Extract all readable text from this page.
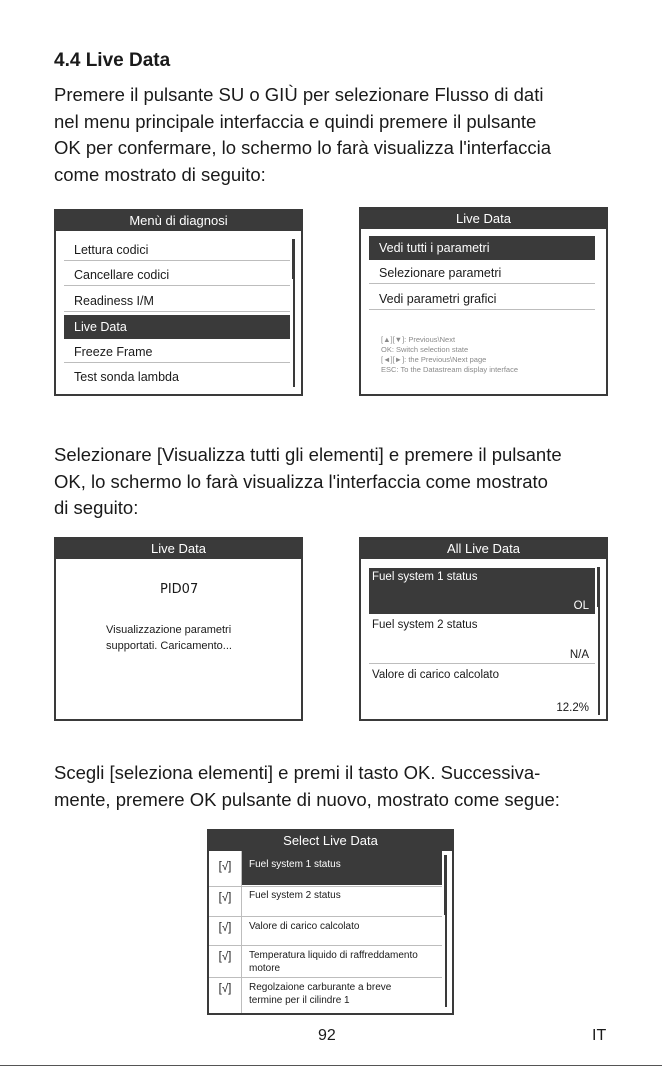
4.4 Live Data
Premere il pulsante SU o GIÙ per selezionare Flusso di dati
nel menu principale interfaccia e quindi premere il pulsante
OK per confermare, lo schermo lo farà visualizza l'interfaccia
come mostrato di seguito:
Menù di diagnosi
Lettura codici
Cancellare codici
Readiness I/M
Live Data
Freeze Frame
Test sonda lambda
Live Data
Vedi tutti i parametri
Selezionare parametri
Vedi parametri grafici
[▲][▼]: Previous\Next
OK: Switch selection state
[◄][►]: the Previous\Next page
ESC: To the Datastream display interface
Selezionare [Visualizza tutti gli elementi] e premere il pulsante
OK, lo schermo lo farà visualizza l'interfaccia come mostrato
di seguito:
Live Data
PID07
Visualizzazione parametri
supportati. Caricamento...
All Live Data
Fuel system 1 status
OL
Fuel system 2 status
N/A
Valore di carico calcolato
12.2%
Scegli [seleziona elementi] e premi il tasto OK. Successiva-
mente, premere OK pulsante di nuovo, mostrato come segue:
Select Live Data
[√]	Fuel system 1 status
[√]	Fuel system 2 status
[√]	Valore di carico calcolato
[√]	Temperatura liquido di raffreddamento
motore
[√]	Regolzaione carburante a breve
termine per il cilindre 1
92	IT
